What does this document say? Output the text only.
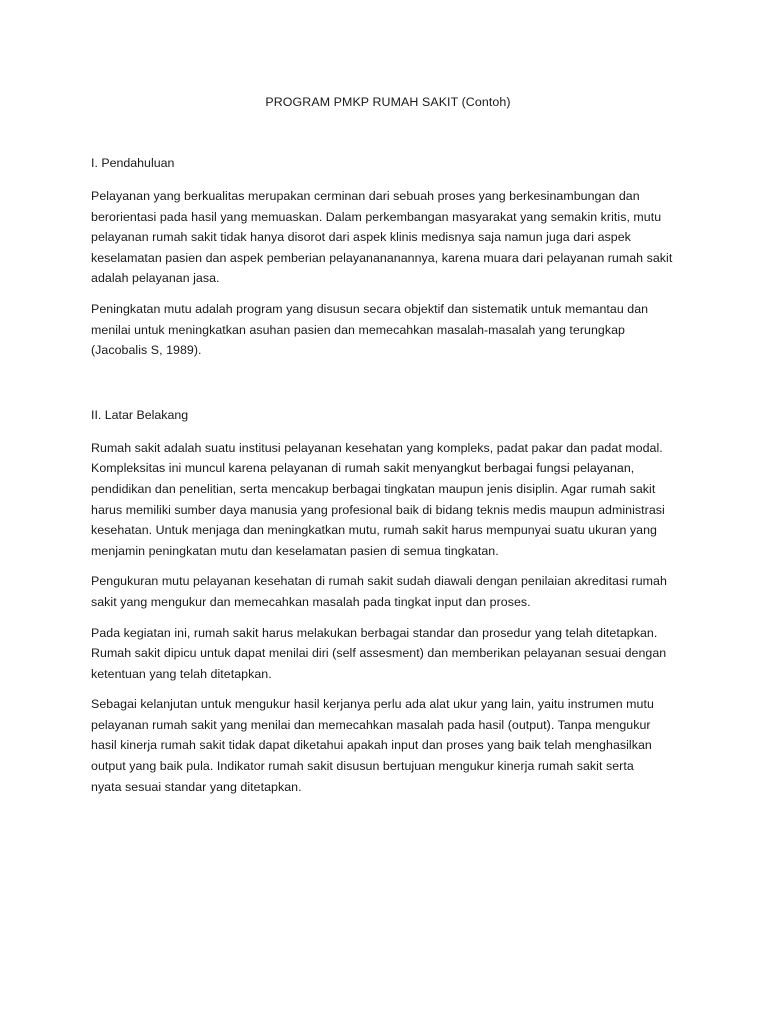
PROGRAM PMKP RUMAH SAKIT (Contoh)
I. Pendahuluan

Pelayanan yang berkualitas merupakan cerminan dari sebuah proses yang berkesinambungan dan
berorientasi pada hasil yang memuaskan. Dalam perkembangan masyarakat yang semakin kritis, mutu
pelayanan rumah sakit tidak hanya disorot dari aspek klinis medisnya saja namun juga dari aspek
keselamatan pasien dan aspek pemberian pelayanananannya, karena muara dari pelayanan rumah sakit
adalah pelayanan jasa.

Peningkatan mutu adalah program yang disusun secara objektif dan sistematik untuk memantau dan
menilai untuk meningkatkan asuhan pasien dan memecahkan masalah-masalah yang terungkap
(Jacobalis S, 1989).

II. Latar Belakang

Rumah sakit adalah suatu institusi pelayanan kesehatan yang kompleks, padat pakar dan padat modal.
Kompleksitas ini muncul karena pelayanan di rumah sakit menyangkut berbagai fungsi pelayanan,
pendidikan dan penelitian, serta mencakup berbagai tingkatan maupun jenis disiplin. Agar rumah sakit
harus memiliki sumber daya manusia yang profesional baik di bidang teknis medis maupun administrasi
kesehatan. Untuk menjaga dan meningkatkan mutu, rumah sakit harus mempunyai suatu ukuran yang
menjamin peningkatan mutu dan keselamatan pasien di semua tingkatan.

Pengukuran mutu pelayanan kesehatan di rumah sakit sudah diawali dengan penilaian akreditasi rumah
sakit yang mengukur dan memecahkan masalah pada tingkat input dan proses.

Pada kegiatan ini, rumah sakit harus melakukan berbagai standar dan prosedur yang telah ditetapkan.
Rumah sakit dipicu untuk dapat menilai diri (self assesment) dan memberikan pelayanan sesuai dengan
ketentuan yang telah ditetapkan.

Sebagai kelanjutan untuk mengukur hasil kerjanya perlu ada alat ukur yang lain, yaitu instrumen mutu
pelayanan rumah sakit yang menilai dan memecahkan masalah pada hasil (output). Tanpa mengukur
hasil kinerja rumah sakit tidak dapat diketahui apakah input dan proses yang baik telah menghasilkan
output yang baik pula. Indikator rumah sakit disusun bertujuan mengukur kinerja rumah sakit serta
nyata sesuai standar yang ditetapkan.
